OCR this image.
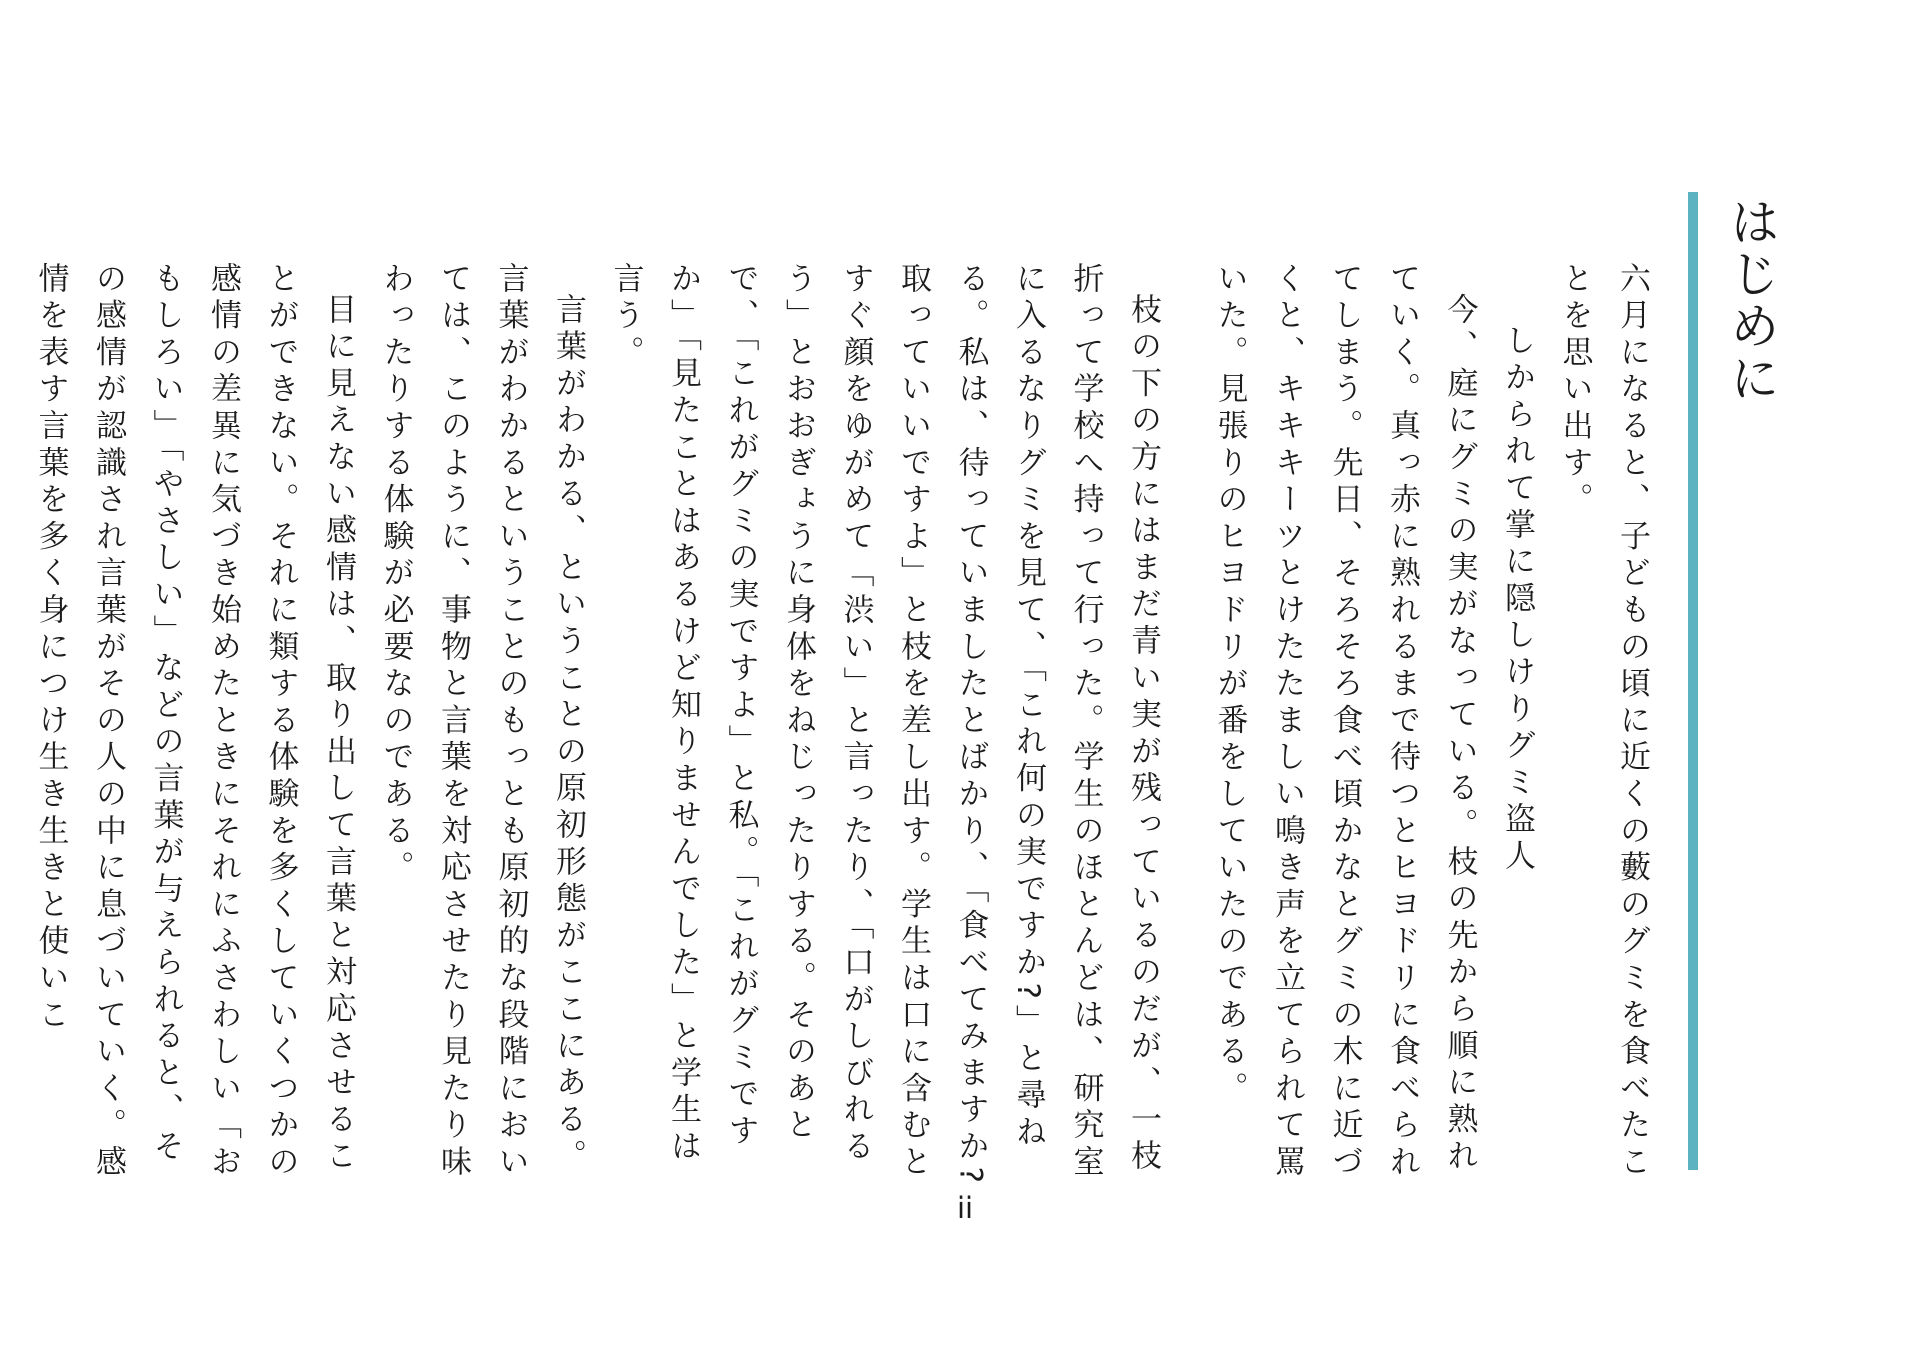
はじめに

六月になると、子どもの頃に近くの藪のグミを食べたことを思い出す。

しかられて掌に隠しけりグミ盗人

今、庭にグミの実がなっている。枝の先から順に熟れていく。真っ赤に熟れるまで待つとヒヨドリに食べられてしまう。先日、そろそろ食べ頃かなとグミの木に近づくと、キキキーツとけたたましい鳴き声を立てられて罵いた。見張りのヒヨドリが番をしていたのである。

枝の下の方にはまだ青い実が残っているのだが、一枝折って学校へ持って行った。学生のほとんどは、研究室に入るなりグミを見て、「これ何の実ですか?」と尋ねる。私は、待っていましたとばかり、「食べてみますか?取っていいですよ」と枝を差し出す。学生は口に含むとすぐ顔をゆがめて「渋い」と言ったり、「口がしびれるう」とおおぎょうに身体をねじったりする。そのあとで、「これがグミの実ですよ」と私。「これがグミですか」「見たことはあるけど知りませんでした」と学生は言う。

言葉がわかる、ということの原初形態がここにある。言葉がわかるということのもっとも原初的な段階においては、このように、事物と言葉を対応させたり見たり味わったりする体験が必要なのである。

目に見えない感情は、取り出して言葉と対応させることができない。それに類する体験を多くしていくつかの感情の差異に気づき始めたときにそれにふさわしい「おもしろい」「やさしい」などの言葉が与えられると、その感情が認識され言葉がその人の中に息づいていく。感情を表す言葉を多く身につけ生き生きと使いこ

ii
